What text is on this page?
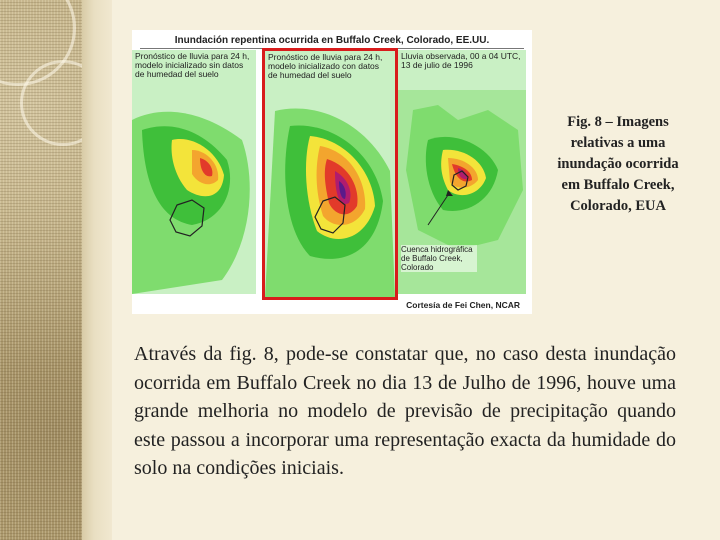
Inundación repentina ocurrida en Buffalo Creek, Colorado, EE.UU.
Pronóstico de lluvia para 24 h, modelo inicializado sin datos de humedad del suelo
Pronóstico de lluvia para 24 h, modelo inicializado con datos de humedad del suelo
Lluvia observada, 00 a 04 UTC, 13 de julio de 1996
Cuenca hidrográfica de Buffalo Creek, Colorado
Cortesía de Fei Chen, NCAR
Fig. 8 – Imagens relativas a uma inundação ocorrida em Buffalo Creek, Colorado, EUA
Através da fig. 8, pode-se constatar que, no caso desta inundação ocorrida em Buffalo Creek no dia 13 de Julho de 1996, houve uma grande melhoria no modelo de previsão de precipitação quando este passou a incorporar uma representação exacta da humidade do solo na condições iniciais.
